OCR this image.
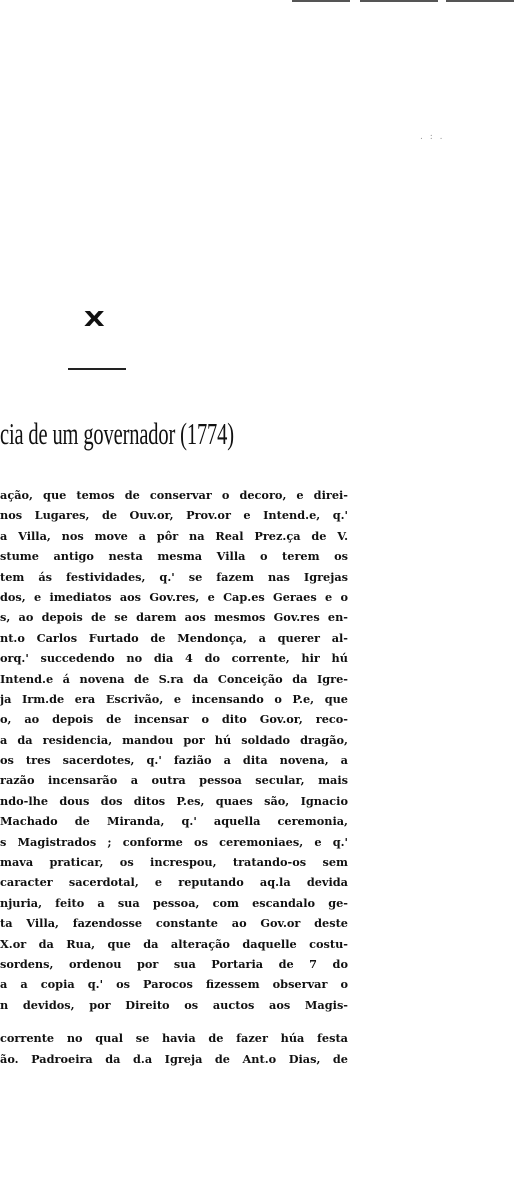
. : .
X
cia de um governador (1774)
ação, que temos de conservar o decoro, e direi-
nos Lugares, de Ouv.or, Prov.or e Intend.e, q.'
a Villa, nos move a pôr na Real Prez.ça de V.
stume antigo nesta mesma Villa o terem os
tem ás festividades, q.' se fazem nas Igrejas
dos, e imediatos aos Gov.res, e Cap.es Geraes e o
s, ao depois de se darem aos mesmos Gov.res en-
nt.o Carlos Furtado de Mendonça, a querer al-
orq.' succedendo no dia 4 do corrente, hir hú
Intend.e á novena de S.ra da Conceição da Igre-
ja Irm.de era Escrivão, e incensando o P.e, que
o, ao depois de incensar o dito Gov.or, reco-
a da residencia, mandou por hú soldado dragão,
os tres sacerdotes, q.' fazião a dita novena, a
razão incensarão a outra pessoa secular, mais
ndo-lhe dous dos ditos P.es, quaes são, Ignacio
Machado de Miranda, q.' aquella ceremonia,
s Magistrados ; conforme os ceremoniaes, e q.'
mava praticar, os increspou, tratando-os sem
caracter sacerdotal, e reputando aq.la devida
njuria, feito a sua pessoa, com escandalo ge-
ta Villa, fazendosse constante ao Gov.or deste
X.or da Rua, que da alteração daquelle costu-
sordens, ordenou por sua Portaria de 7 do
a a copia q.' os Parocos fizessem observar o
n devidos, por Direito os auctos aos Magis-
corrente no qual se havia de fazer húa festa
ão. Padroeira da d.a Igreja de Ant.o Dias, de
